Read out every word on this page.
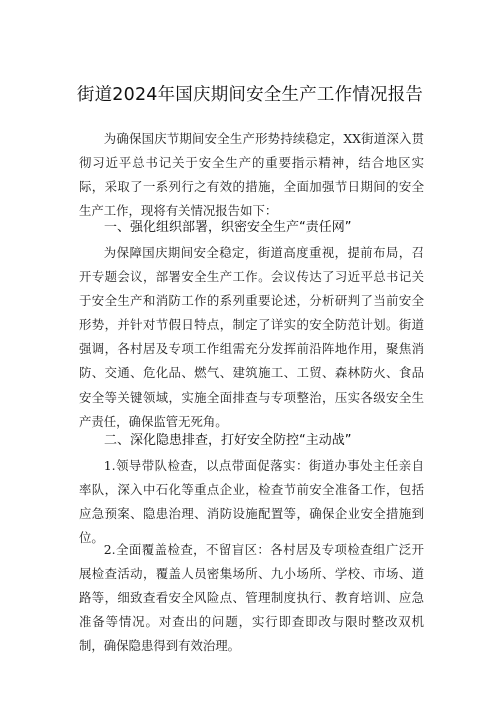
街道2024年国庆期间安全生产工作情况报告

为确保国庆节期间安全生产形势持续稳定，XX街道深入贯彻习近平总书记关于安全生产的重要指示精神，结合地区实际，采取了一系列行之有效的措施，全面加强节日期间的安全生产工作，现将有关情况报告如下：

一、强化组织部署，织密安全生产“责任网”

为保障国庆期间安全稳定，街道高度重视，提前布局，召开专题会议，部署安全生产工作。会议传达了习近平总书记关于安全生产和消防工作的系列重要论述，分析研判了当前安全形势，并针对节假日特点，制定了详实的安全防范计划。街道强调，各村居及专项工作组需充分发挥前沿阵地作用，聚焦消防、交通、危化品、燃气、建筑施工、工贸、森林防火、食品安全等关键领域，实施全面排查与专项整治，压实各级安全生产责任，确保监管无死角。

二、深化隐患排查，打好安全防控“主动战”

1.领导带队检查，以点带面促落实：街道办事处主任亲自率队，深入中石化等重点企业，检查节前安全准备工作，包括应急预案、隐患治理、消防设施配置等，确保企业安全措施到位。

2.全面覆盖检查，不留盲区：各村居及专项检查组广泛开展检查活动，覆盖人员密集场所、九小场所、学校、市场、道路等，细致查看安全风险点、管理制度执行、教育培训、应急准备等情况。对查出的问题，实行即查即改与限时整改双机制，确保隐患得到有效治理。
